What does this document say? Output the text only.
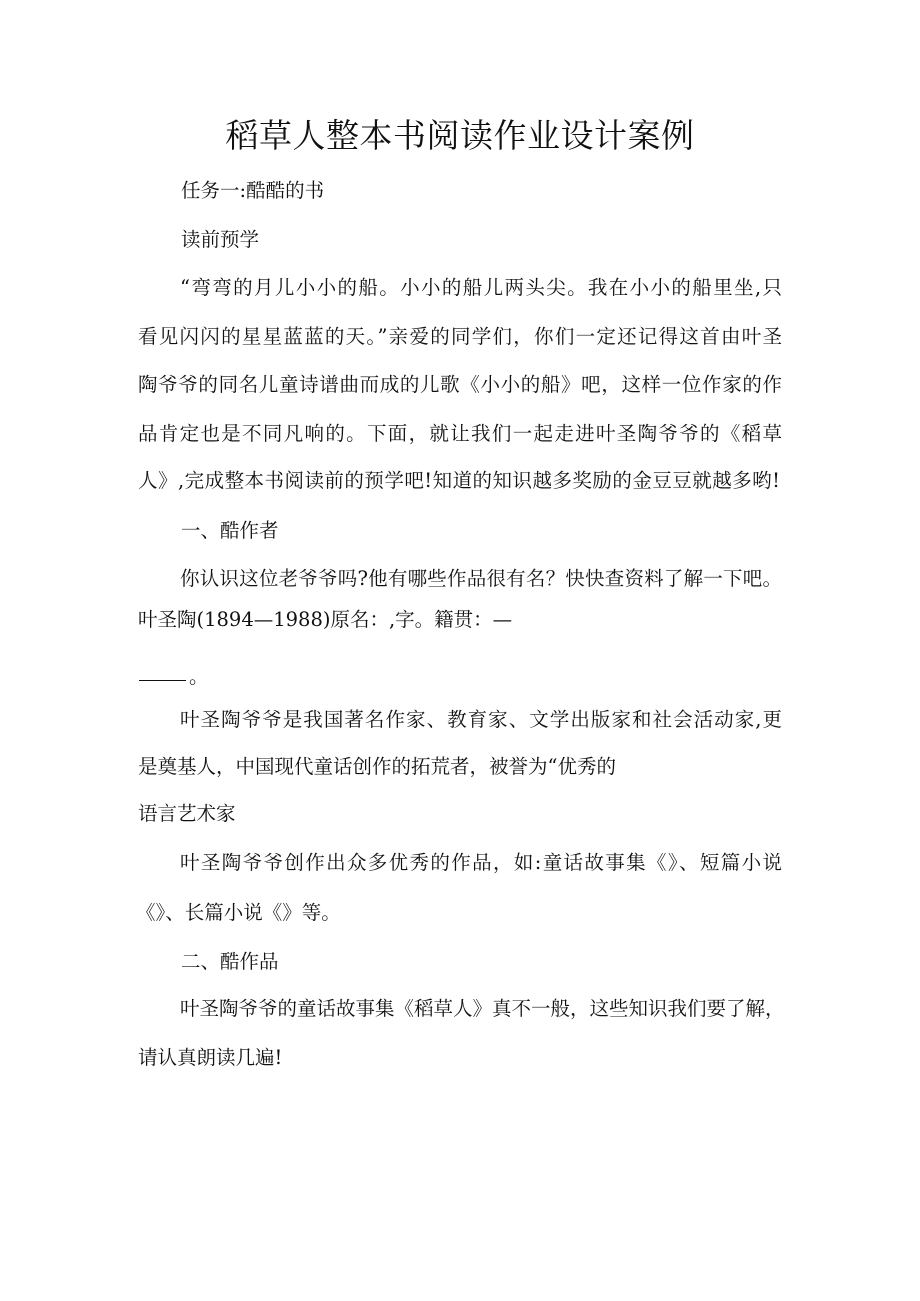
稻草人整本书阅读作业设计案例

任务一:酷酷的书

读前预学

“弯弯的月儿小小的船。小小的船儿两头尖。我在小小的船里坐,只

看见闪闪的星星蓝蓝的天。”亲爱的同学们，你们一定还记得这首由叶圣

陶爷爷的同名儿童诗谱曲而成的儿歌《小小的船》吧，这样一位作家的作

品肯定也是不同凡响的。下面，就让我们一起走进叶圣陶爷爷的《稻草

人》,完成整本书阅读前的预学吧!知道的知识越多奖励的金豆豆就越多哟!

一、酷作者

你认识这位老爷爷吗?他有哪些作品很有名？快快查资料了解一下吧。

叶圣陶(1894—1988)原名：,字。籍贯：—

。

叶圣陶爷爷是我国著名作家、教育家、文学出版家和社会活动家,更

是奠基人，中国现代童话创作的拓荒者，被誉为“优秀的

语言艺术家

叶圣陶爷爷创作出众多优秀的作品，如:童话故事集《》、短篇小说

《》、长篇小说《》等。

二、酷作品

叶圣陶爷爷的童话故事集《稻草人》真不一般，这些知识我们要了解，

请认真朗读几遍!
